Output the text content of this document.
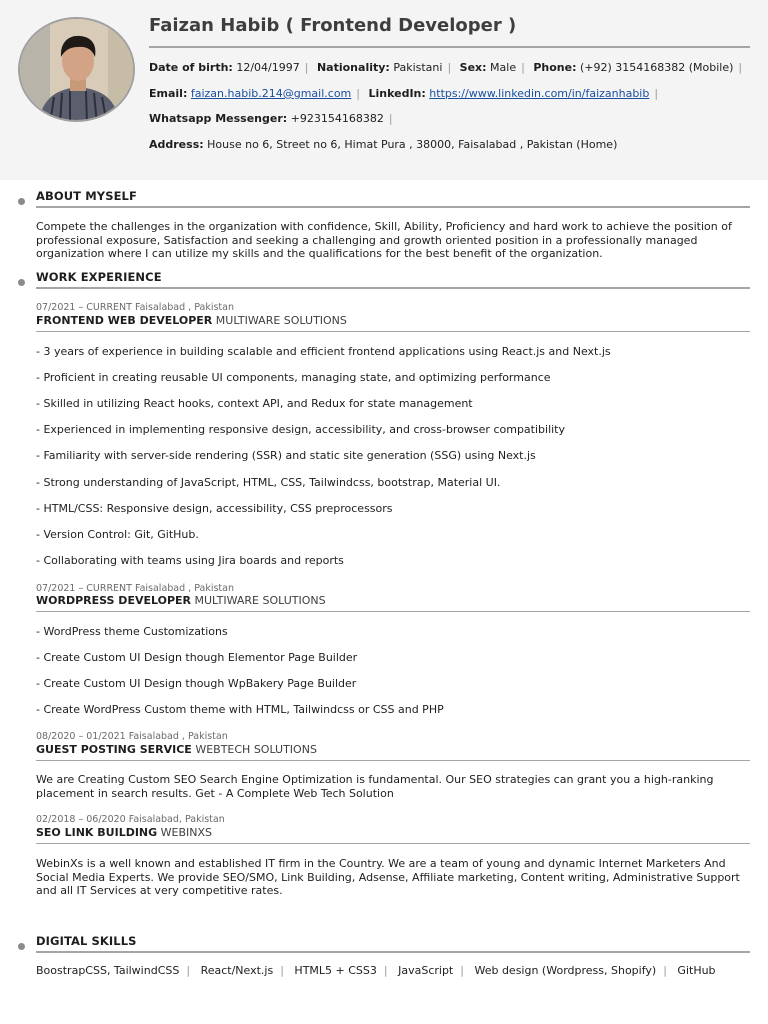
Faizan Habib ( Frontend Developer )
Date of birth: 12/04/1997 | Nationality: Pakistani | Sex: Male | Phone: (+92) 3154168382 (Mobile) |
Email: faizan.habib.214@gmail.com | LinkedIn: https://www.linkedin.com/in/faizanhabib |
Whatsapp Messenger: +923154168382 |
Address: House no 6, Street no 6, Himat Pura , 38000, Faisalabad , Pakistan (Home)
ABOUT MYSELF
Compete the challenges in the organization with confidence, Skill, Ability, Proficiency and hard work to achieve the position of professional exposure, Satisfaction and seeking a challenging and growth oriented position in a professionally managed organization where I can utilize my skills and the qualifications for the best benefit of the organization.
WORK EXPERIENCE
07/2021 – CURRENT Faisalabad , Pakistan
FRONTEND WEB DEVELOPER MULTIWARE SOLUTIONS
- 3 years of experience in building scalable and efficient frontend applications using React.js and Next.js
- Proficient in creating reusable UI components, managing state, and optimizing performance
- Skilled in utilizing React hooks, context API, and Redux for state management
- Experienced in implementing responsive design, accessibility, and cross-browser compatibility
- Familiarity with server-side rendering (SSR) and static site generation (SSG) using Next.js
- Strong understanding of JavaScript, HTML, CSS, Tailwindcss, bootstrap, Material UI.
- HTML/CSS: Responsive design, accessibility, CSS preprocessors
- Version Control: Git, GitHub.
- Collaborating with teams using Jira boards and reports
07/2021 – CURRENT Faisalabad , Pakistan
WORDPRESS DEVELOPER MULTIWARE SOLUTIONS
- WordPress theme Customizations
- Create Custom UI Design though Elementor Page Builder
- Create Custom UI Design though WpBakery Page Builder
- Create WordPress Custom theme with HTML, Tailwindcss or CSS and PHP
08/2020 – 01/2021 Faisalabad , Pakistan
GUEST POSTING SERVICE WEBTECH SOLUTIONS
We are Creating Custom SEO Search Engine Optimization is fundamental. Our SEO strategies can grant you a high-ranking placement in search results. Get - A Complete Web Tech Solution
02/2018 – 06/2020 Faisalabad, Pakistan
SEO LINK BUILDING WEBINXS
WebinXs is a well known and established IT firm in the Country. We are a team of young and dynamic Internet Marketers And Social Media Experts. We provide SEO/SMO, Link Building, Adsense, Affiliate marketing, Content writing, Administrative Support and all IT Services at very competitive rates.
DIGITAL SKILLS
BoostrapCSS, TailwindCSS | React/Next.js | HTML5 + CSS3 | JavaScript | Web design (Wordpress, Shopify) | GitHub
